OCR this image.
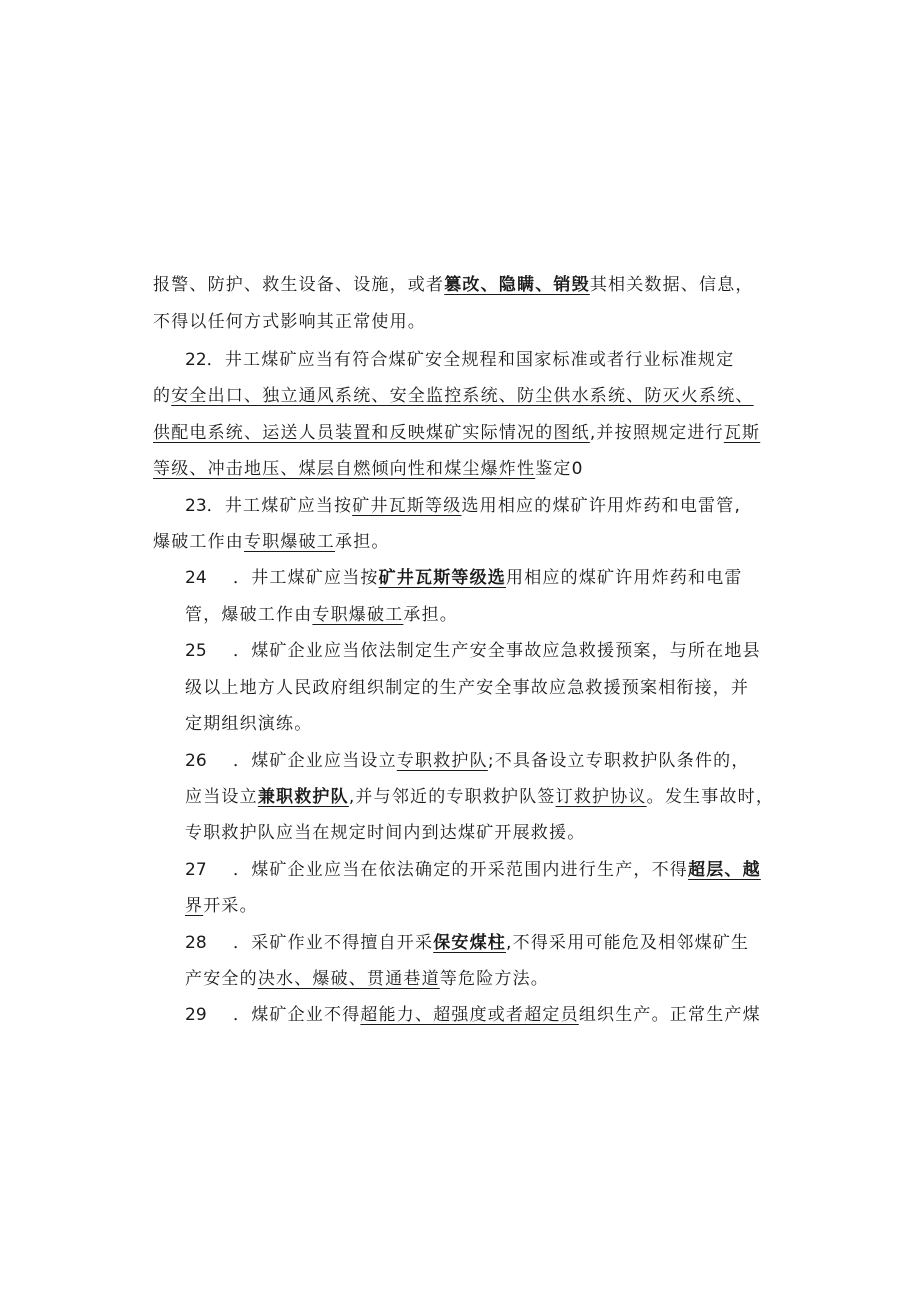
报警、防护、救生设备、设施，或者篡改、隐瞒、销毁其相关数据、信息，
不得以任何方式影响其正常使用。
22．井工煤矿应当有符合煤矿安全规程和国家标准或者行业标准规定
的安全出口、独立通风系统、安全监控系统、防尘供水系统、防灭火系统、
供配电系统、运送人员装置和反映煤矿实际情况的图纸,并按照规定进行瓦斯
等级、冲击地压、煤层自燃倾向性和煤尘爆炸性鉴定0
23．井工煤矿应当按矿井瓦斯等级选用相应的煤矿许用炸药和电雷管,
爆破工作由专职爆破工承担。
24 ．井工煤矿应当按矿井瓦斯等级选用相应的煤矿许用炸药和电雷
管，爆破工作由专职爆破工承担。
25 ．煤矿企业应当依法制定生产安全事故应急救援预案，与所在地县
级以上地方人民政府组织制定的生产安全事故应急救援预案相衔接，并
定期组织演练。
26 ．煤矿企业应当设立专职救护队;不具备设立专职救护队条件的，
应当设立兼职救护队,并与邻近的专职救护队签订救护协议。发生事故时，
专职救护队应当在规定时间内到达煤矿开展救援。
27 ．煤矿企业应当在依法确定的开采范围内进行生产，不得超层、越
界开采。
28 ．采矿作业不得擅自开采保安煤柱,不得采用可能危及相邻煤矿生
产安全的决水、爆破、贯通巷道等危险方法。
29 ．煤矿企业不得超能力、超强度或者超定员组织生产。正常生产煤
